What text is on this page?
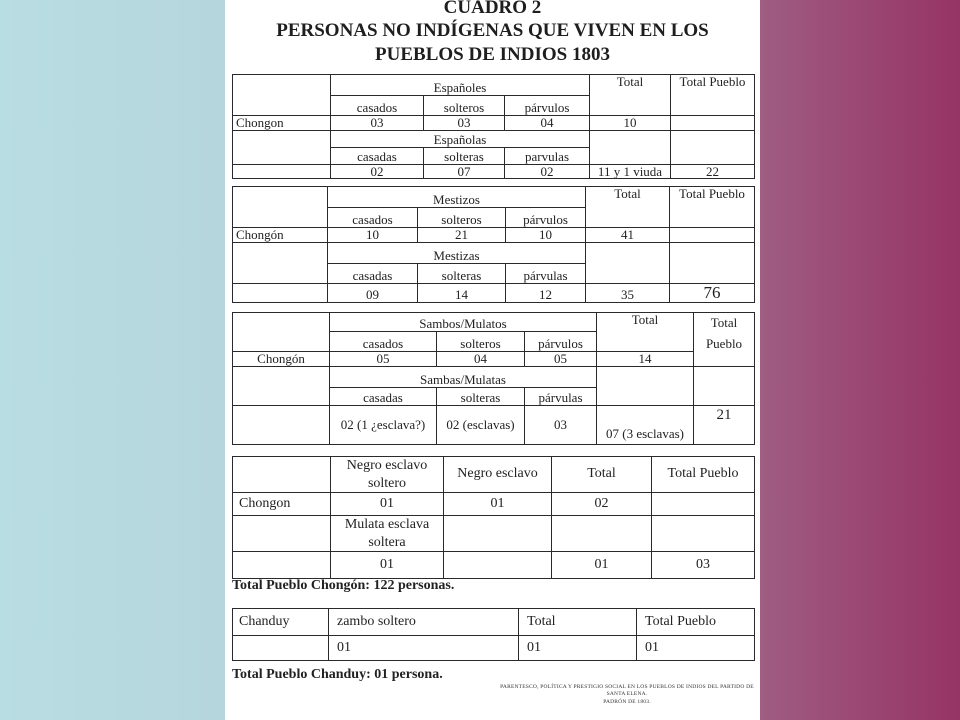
CUADRO 2
PERSONAS NO INDÍGENAS QUE VIVEN EN LOS
PUEBLOS DE INDIOS 1803
	Españoles			Total	Total Pueblo
	casados	solteros	párvulos		
Chongon	03	03	04	10	
	Españolas				
	casadas	solteras	parvulas		
	02	07	02	11 y 1 viuda	22
	Mestizos			Total	Total Pueblo
	casados	solteros	párvulos		
Chongón	10	21	10	41	
	Mestizas				
	casadas	solteras	párvulas		
	09	14	12	35	76
	Sambos/Mulatos			Total	Total Pueblo
	casados	solteros	párvulos		
Chongón	05	04	05	14	
	Sambas/Mulatas				
	casadas	solteras	párvulas		
	02 (1 ¿esclava?)	02 (esclavas)	03	07 (3 esclavas)	21
	Negro esclavo soltero	Negro esclavo	Total	Total Pueblo
Chongon	01	01	02	
	Mulata esclava soltera			
	01		01	03
Total Pueblo Chongón: 122 personas.
Chanduy	zambo soltero	Total	Total Pueblo
	01	01	01
Total Pueblo Chanduy: 01 persona.
PARENTESCO, POLÍTICA Y PRESTIGIO SOCIAL EN LOS PUEBLOS DE INDIOS DEL PARTIDO DE SANTA ELENA.
PADRÓN DE 1803.
